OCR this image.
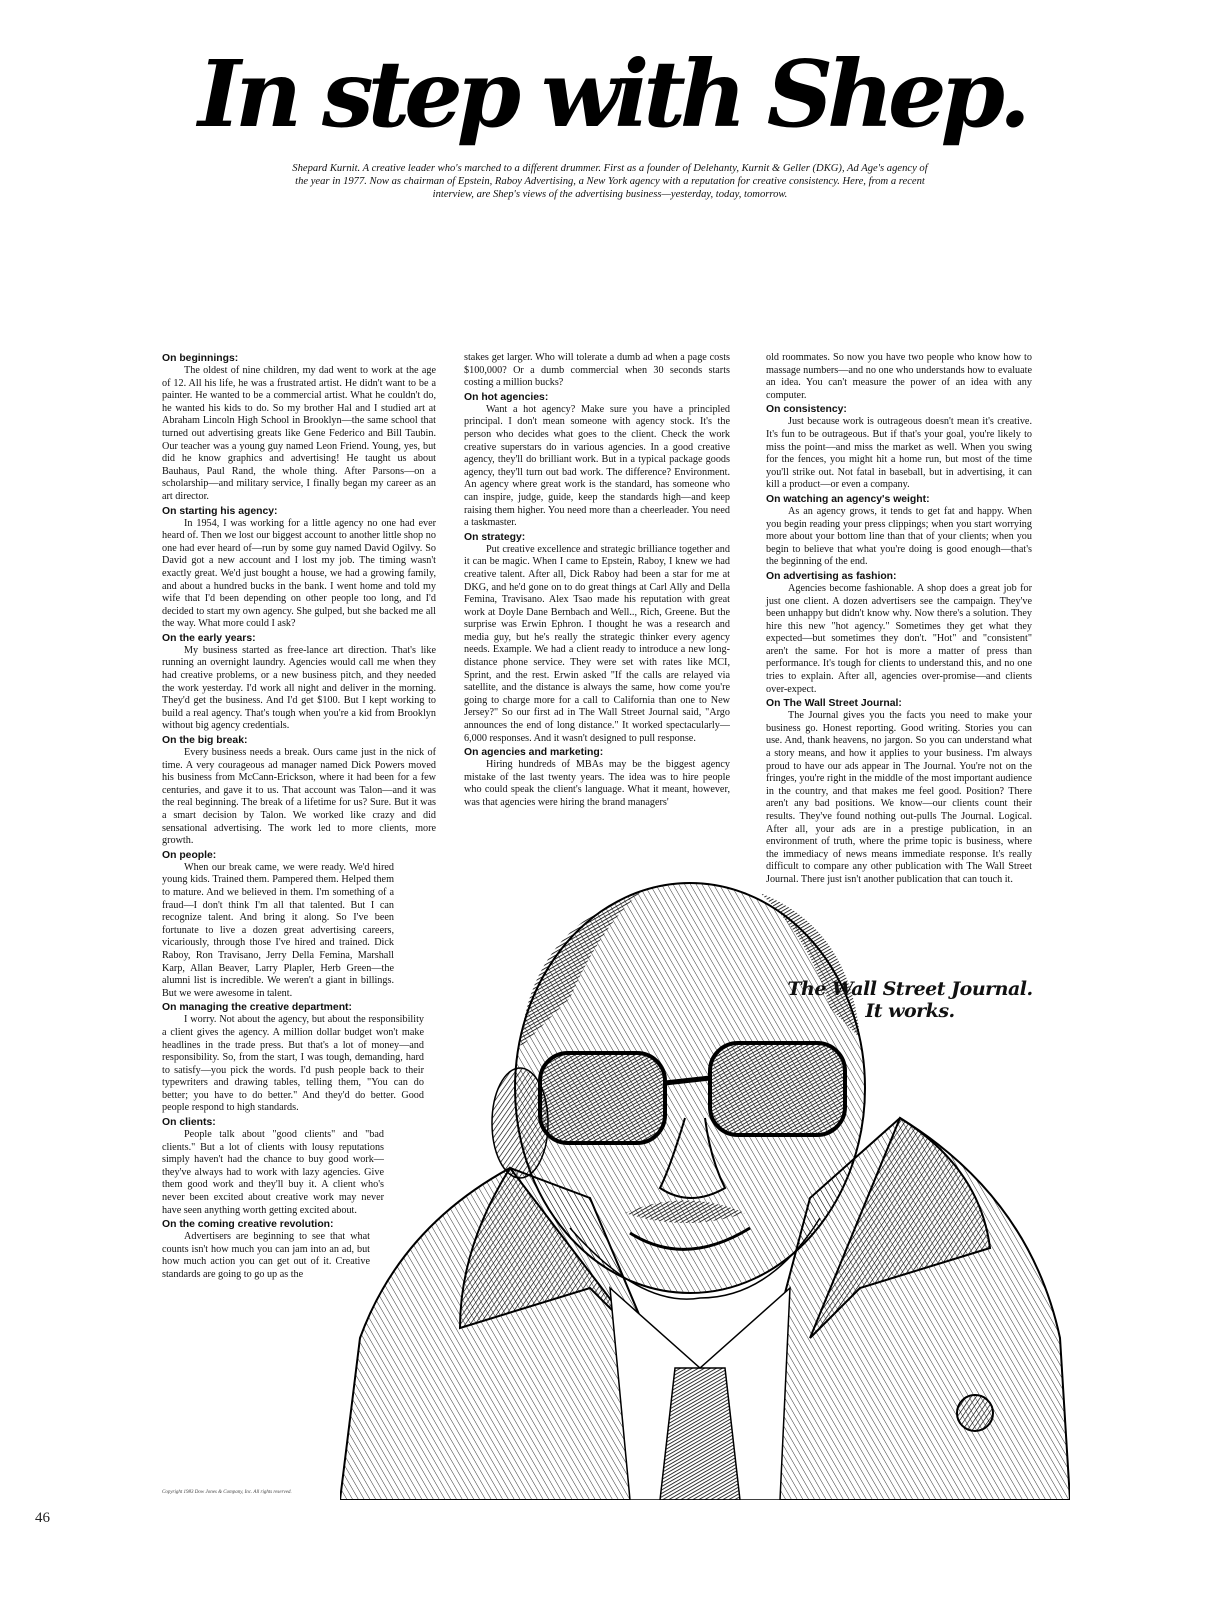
In step with Shep.
Shepard Kurnit. A creative leader who's marched to a different drummer. First as a founder of Delehanty, Kurnit & Geller (DKG), Ad Age's agency of the year in 1977. Now as chairman of Epstein, Raboy Advertising, a New York agency with a reputation for creative consistency. Here, from a recent interview, are Shep's views of the advertising business—yesterday, today, tomorrow.
On beginnings:

The oldest of nine children, my dad went to work at the age of 12. All his life, he was a frustrated artist. He didn't want to be a painter. He wanted to be a commercial artist. What he couldn't do, he wanted his kids to do. So my brother Hal and I studied art at Abraham Lincoln High School in Brooklyn—the same school that turned out advertising greats like Gene Federico and Bill Taubin. Our teacher was a young guy named Leon Friend. Young, yes, but did he know graphics and advertising! He taught us about Bauhaus, Paul Rand, the whole thing. After Parsons—on a scholarship—and military service, I finally began my career as an art director.

On starting his agency:

In 1954, I was working for a little agency no one had ever heard of. Then we lost our biggest account to another little shop no one had ever heard of—run by some guy named David Ogilvy. So David got a new account and I lost my job. The timing wasn't exactly great. We'd just bought a house, we had a growing family, and about a hundred bucks in the bank. I went home and told my wife that I'd been depending on other people too long, and I'd decided to start my own agency. She gulped, but she backed me all the way. What more could I ask?

On the early years:

My business started as free-lance art direction. That's like running an overnight laundry. Agencies would call me when they had creative problems, or a new business pitch, and they needed the work yesterday. I'd work all night and deliver in the morning. They'd get the business. And I'd get $100. But I kept working to build a real agency. That's tough when you're a kid from Brooklyn without big agency credentials.

On the big break:

Every business needs a break. Ours came just in the nick of time. A very courageous ad manager named Dick Powers moved his business from McCann-Erickson, where it had been for a few centuries, and gave it to us. That account was Talon—and it was the real beginning. The break of a lifetime for us? Sure. But it was a smart decision by Talon. We worked like crazy and did sensational advertising. The work led to more clients, more growth.

On people:

When our break came, we were ready. We'd hired young kids. Trained them. Pampered them. Helped them to mature. And we believed in them. I'm something of a fraud—I don't think I'm all that talented. But I can recognize talent. And bring it along. So I've been fortunate to live a dozen great advertising careers, vicariously, through those I've hired and trained. Dick Raboy, Ron Travisano, Jerry Della Femina, Marshall Karp, Allan Beaver, Larry Plapler, Herb Green—the alumni list is incredible. We weren't a giant in billings. But we were awesome in talent.

On managing the creative department:

I worry. Not about the agency, but about the responsibility a client gives the agency. A million dollar budget won't make headlines in the trade press. But that's a lot of money—and responsibility. So, from the start, I was tough, demanding, hard to satisfy—you pick the words. I'd push people back to their typewriters and drawing tables, telling them, "You can do better; you have to do better." And they'd do better. Good people respond to high standards.

On clients:

People talk about "good clients" and "bad clients." But a lot of clients with lousy reputations simply haven't had the chance to buy good work—they've always had to work with lazy agencies. Give them good work and they'll buy it. A client who's never been excited about creative work may never have seen anything worth getting excited about.

On the coming creative revolution:

Advertisers are beginning to see that what counts isn't how much you can jam into an ad, but how much action you can get out of it. Creative standards are going to go up as the

stakes get larger. Who will tolerate a dumb ad when a page costs $100,000? Or a dumb commercial when 30 seconds starts costing a million bucks?

On hot agencies:

Want a hot agency? Make sure you have a principled principal. I don't mean someone with agency stock. It's the person who decides what goes to the client. Check the work creative superstars do in various agencies. In a good creative agency, they'll do brilliant work. But in a typical package goods agency, they'll turn out bad work. The difference? Environment. An agency where great work is the standard, has someone who can inspire, judge, guide, keep the standards high—and keep raising them higher. You need more than a cheerleader. You need a taskmaster.

On strategy:

Put creative excellence and strategic brilliance together and it can be magic. When I came to Epstein, Raboy, I knew we had creative talent. After all, Dick Raboy had been a star for me at DKG, and he'd gone on to do great things at Carl Ally and Della Femina, Travisano. Alex Tsao made his reputation with great work at Doyle Dane Bernbach and Well.., Rich, Greene. But the surprise was Erwin Ephron. I thought he was a research and media guy, but he's really the strategic thinker every agency needs. Example. We had a client ready to introduce a new long-distance phone service. They were set with rates like MCI, Sprint, and the rest. Erwin asked "If the calls are relayed via satellite, and the distance is always the same, how come you're going to charge more for a call to California than one to New Jersey?" So our first ad in The Wall Street Journal said, "Argo announces the end of long distance." It worked spectacularly—6,000 responses. And it wasn't designed to pull response.

On agencies and marketing:

Hiring hundreds of MBAs may be the biggest agency mistake of the last twenty years. The idea was to hire people who could speak the client's language. What it meant, however, was that agencies were hiring the brand managers'

old roommates. So now you have two people who know how to massage numbers—and no one who understands how to evaluate an idea. You can't measure the power of an idea with any computer.

On consistency:

Just because work is outrageous doesn't mean it's creative. It's fun to be outrageous. But if that's your goal, you're likely to miss the point—and miss the market as well. When you swing for the fences, you might hit a home run, but most of the time you'll strike out. Not fatal in baseball, but in advertising, it can kill a product—or even a company.

On watching an agency's weight:

As an agency grows, it tends to get fat and happy. When you begin reading your press clippings; when you start worrying more about your bottom line than that of your clients; when you begin to believe that what you're doing is good enough—that's the beginning of the end.

On advertising as fashion:

Agencies become fashionable. A shop does a great job for just one client. A dozen advertisers see the campaign. They've been unhappy but didn't know why. Now there's a solution. They hire this new "hot agency." Sometimes they get what they expected—but sometimes they don't. "Hot" and "consistent" aren't the same. For hot is more a matter of press than performance. It's tough for clients to understand this, and no one tries to explain. After all, agencies over-promise—and clients over-expect.

On The Wall Street Journal:

The Journal gives you the facts you need to make your business go. Honest reporting. Good writing. Stories you can use. And, thank heavens, no jargon. So you can understand what a story means, and how it applies to your business. I'm always proud to have our ads appear in The Journal. You're not on the fringes, you're right in the middle of the most important audience in the country, and that makes me feel good. Position? There aren't any bad positions. We know—our clients count their results. They've found nothing out-pulls The Journal. Logical. After all, your ads are in a prestige publication, in an environment of truth, where the prime topic is business, where the immediacy of news means immediate response. It's really difficult to compare any other publication with The Wall Street Journal. There just isn't another publication that can touch it.

The Wall Street Journal.
It works.
Copyright 1983 Dow Jones & Company, Inc. All rights reserved.
46
